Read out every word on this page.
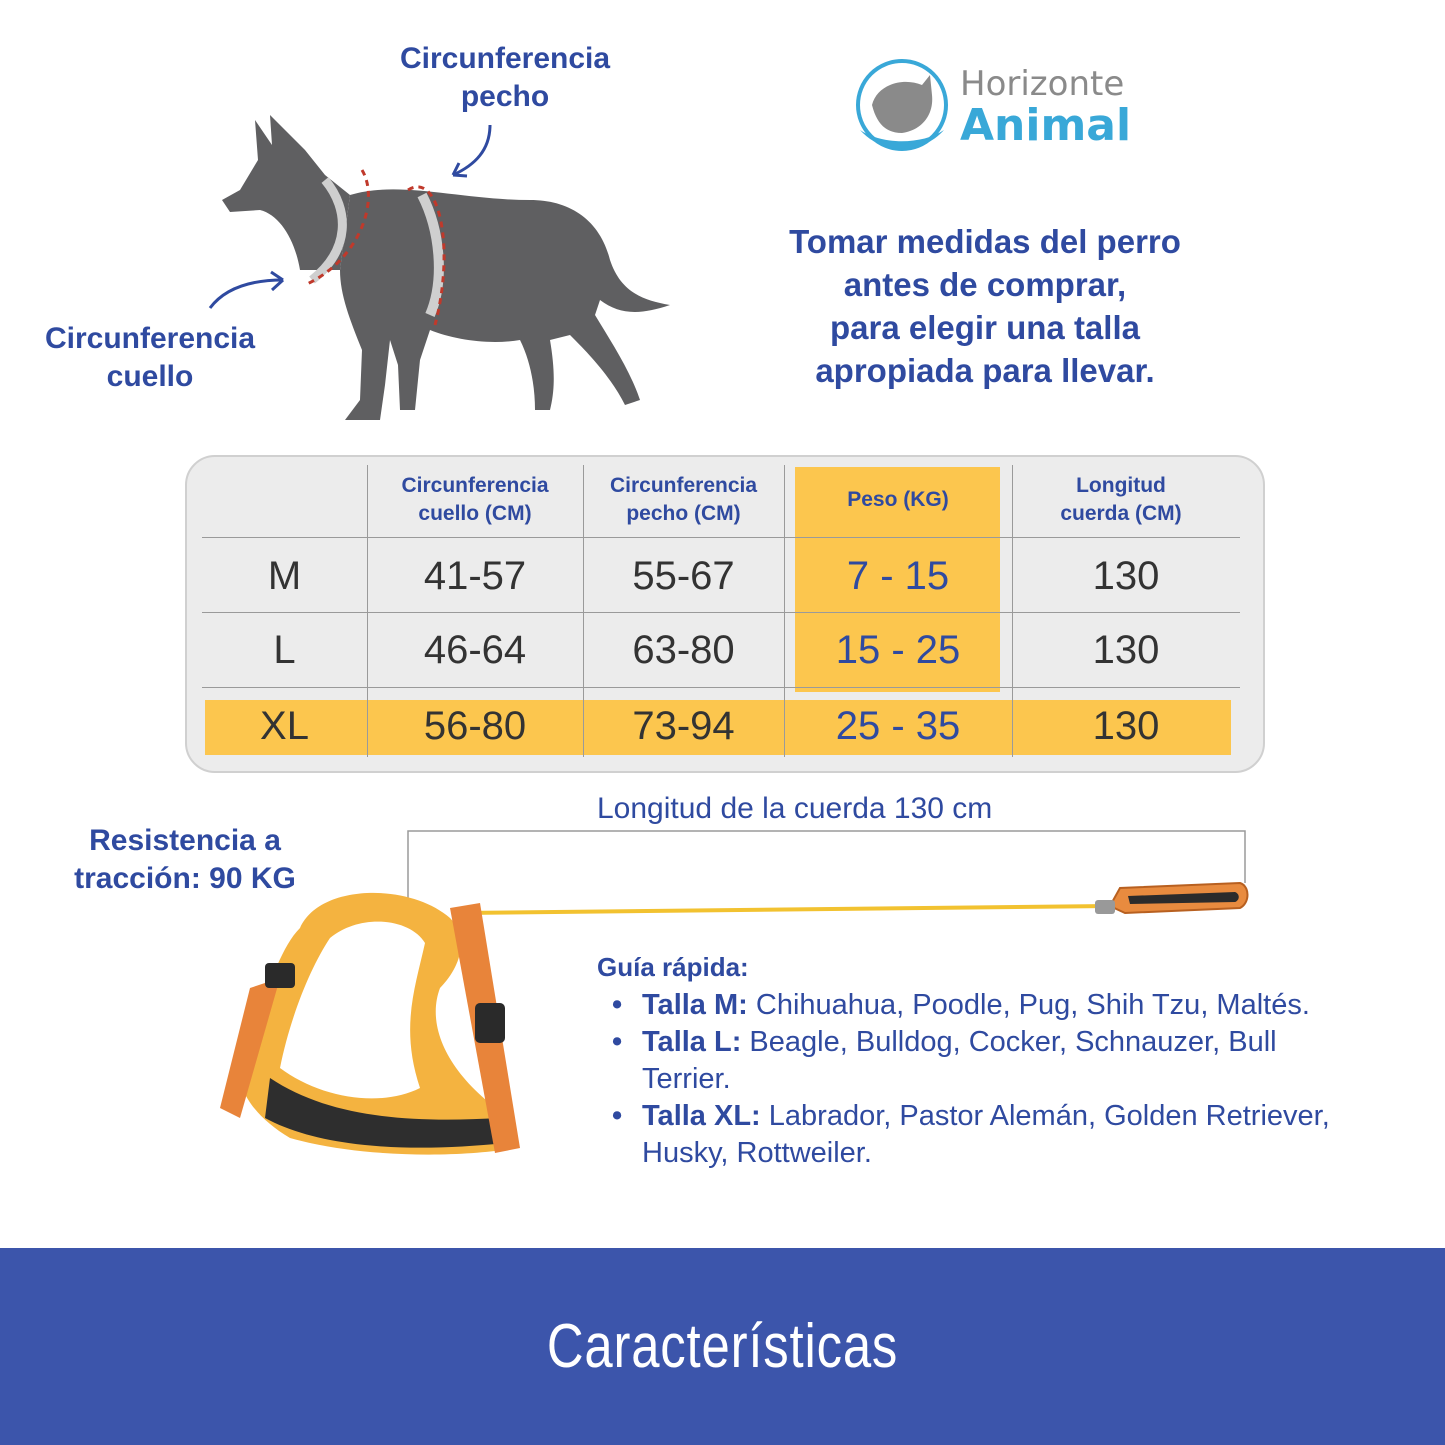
Circunferencia
pecho
Circunferencia
cuello
Horizonte
Animal
Tomar medidas del perro
antes de comprar,
para elegir una talla
apropiada para llevar.
Circunferencia
cuello (CM)
Circunferencia
pecho (CM)
Peso (KG)
Longitud
cuerda (CM)
M	41-57	55-67	7 - 15	130
L	46-64	63-80	15 - 25	130
XL	56-80	73-94	25 - 35	130
Longitud de la cuerda 130 cm
Resistencia a
tracción: 90 KG
Guía rápida:
• Talla M: Chihuahua, Poodle, Pug, Shih Tzu, Maltés.
• Talla L: Beagle, Bulldog, Cocker, Schnauzer, Bull Terrier.
• Talla XL: Labrador, Pastor Alemán, Golden Retriever, Husky, Rottweiler.
Características
